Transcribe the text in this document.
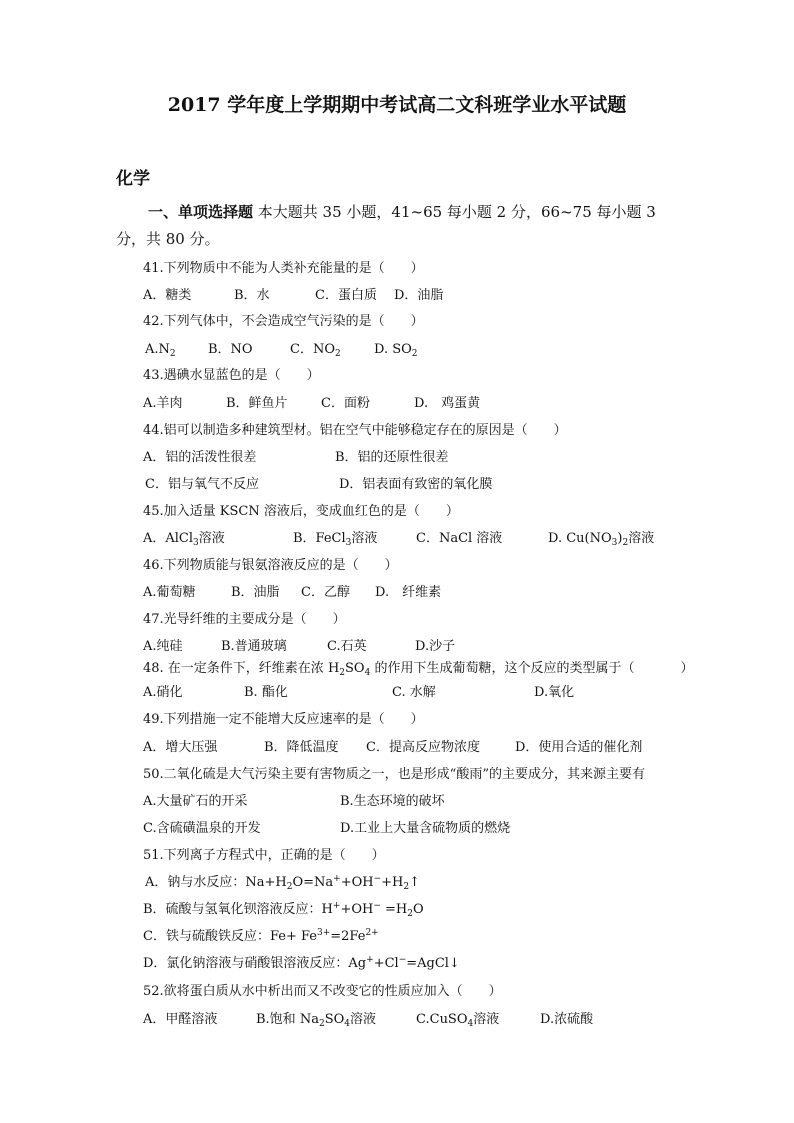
2017 学年度上学期期中考试高二文科班学业水平试题
化学
一、单项选择题 本大题共 35 小题，41~65 每小题 2 分，66~75 每小题 3
分，共 80 分。
41.下列物质中不能为人类补充能量的是（　　）
A．糖类	B．水	C．蛋白质 D．油脂
42.下列气体中，不会造成空气污染的是（　　）
$A.N_2$ B．NO	C．$NO_2$	D. $SO_2$
43.遇碘水显蓝色的是（　　）
A.羊肉	B．鲜鱼片	C．面粉	D.　鸡蛋黄
44.铝可以制造多种建筑型材。铝在空气中能够稳定存在的原因是（　　）
A．铝的活泼性很差	B．铝的还原性很差
C．铝与氧气不反应	D．铝表面有致密的氧化膜
45.加入适量 KSCN 溶液后，变成血红色的是（　　）
A．AlCl$_3$溶液	B．FeCl$_3$溶液	C．NaCl 溶液	D. $Cu(NO_3)_2$溶液
46.下列物质能与银氨溶液反应的是（　　）
A.葡萄糖	B．油脂 C．乙醇 D.　纤维素
47.光导纤维的主要成分是（　　）
A.纯硅	B.普通玻璃	C.石英	D.沙子
48. 在一定条件下，纤维素在浓 $H_2SO_4$ 的作用下生成葡萄糖，这个反应的类型属于（	）
A.硝化	B. 酯化	C. 水解	D.氧化
49.下列措施一定不能增大反应速率的是（　　）
A．增大压强	B．降低温度 C．提高反应物浓度	D．使用合适的催化剂
50.二氧化硫是大气污染主要有害物质之一，也是形成“酸雨”的主要成分，其来源主要有
A.大量矿石的开采	B.生态环境的破坏
C.含硫磺温泉的开发	D.工业上大量含硫物质的燃烧
51.下列离子方程式中，正确的是（　　）
A．钠与水反应：$Na+H_2O=Na^++OH^-+H_2↑$
B．硫酸与氢氧化钡溶液反应：$H^++OH^- =H_2O$
C．铁与硫酸铁反应：$Fe+ Fe^{3+}=2Fe^{2+}$
D．氯化钠溶液与硝酸银溶液反应：Ag++Cl−=AgCl↓
52.欲将蛋白质从水中析出而又不改变它的性质应加入（　　）
A．甲醛溶液	B.饱和 $Na_2SO_4$溶液	C.CuSO$_4$溶液	D.浓硫酸
